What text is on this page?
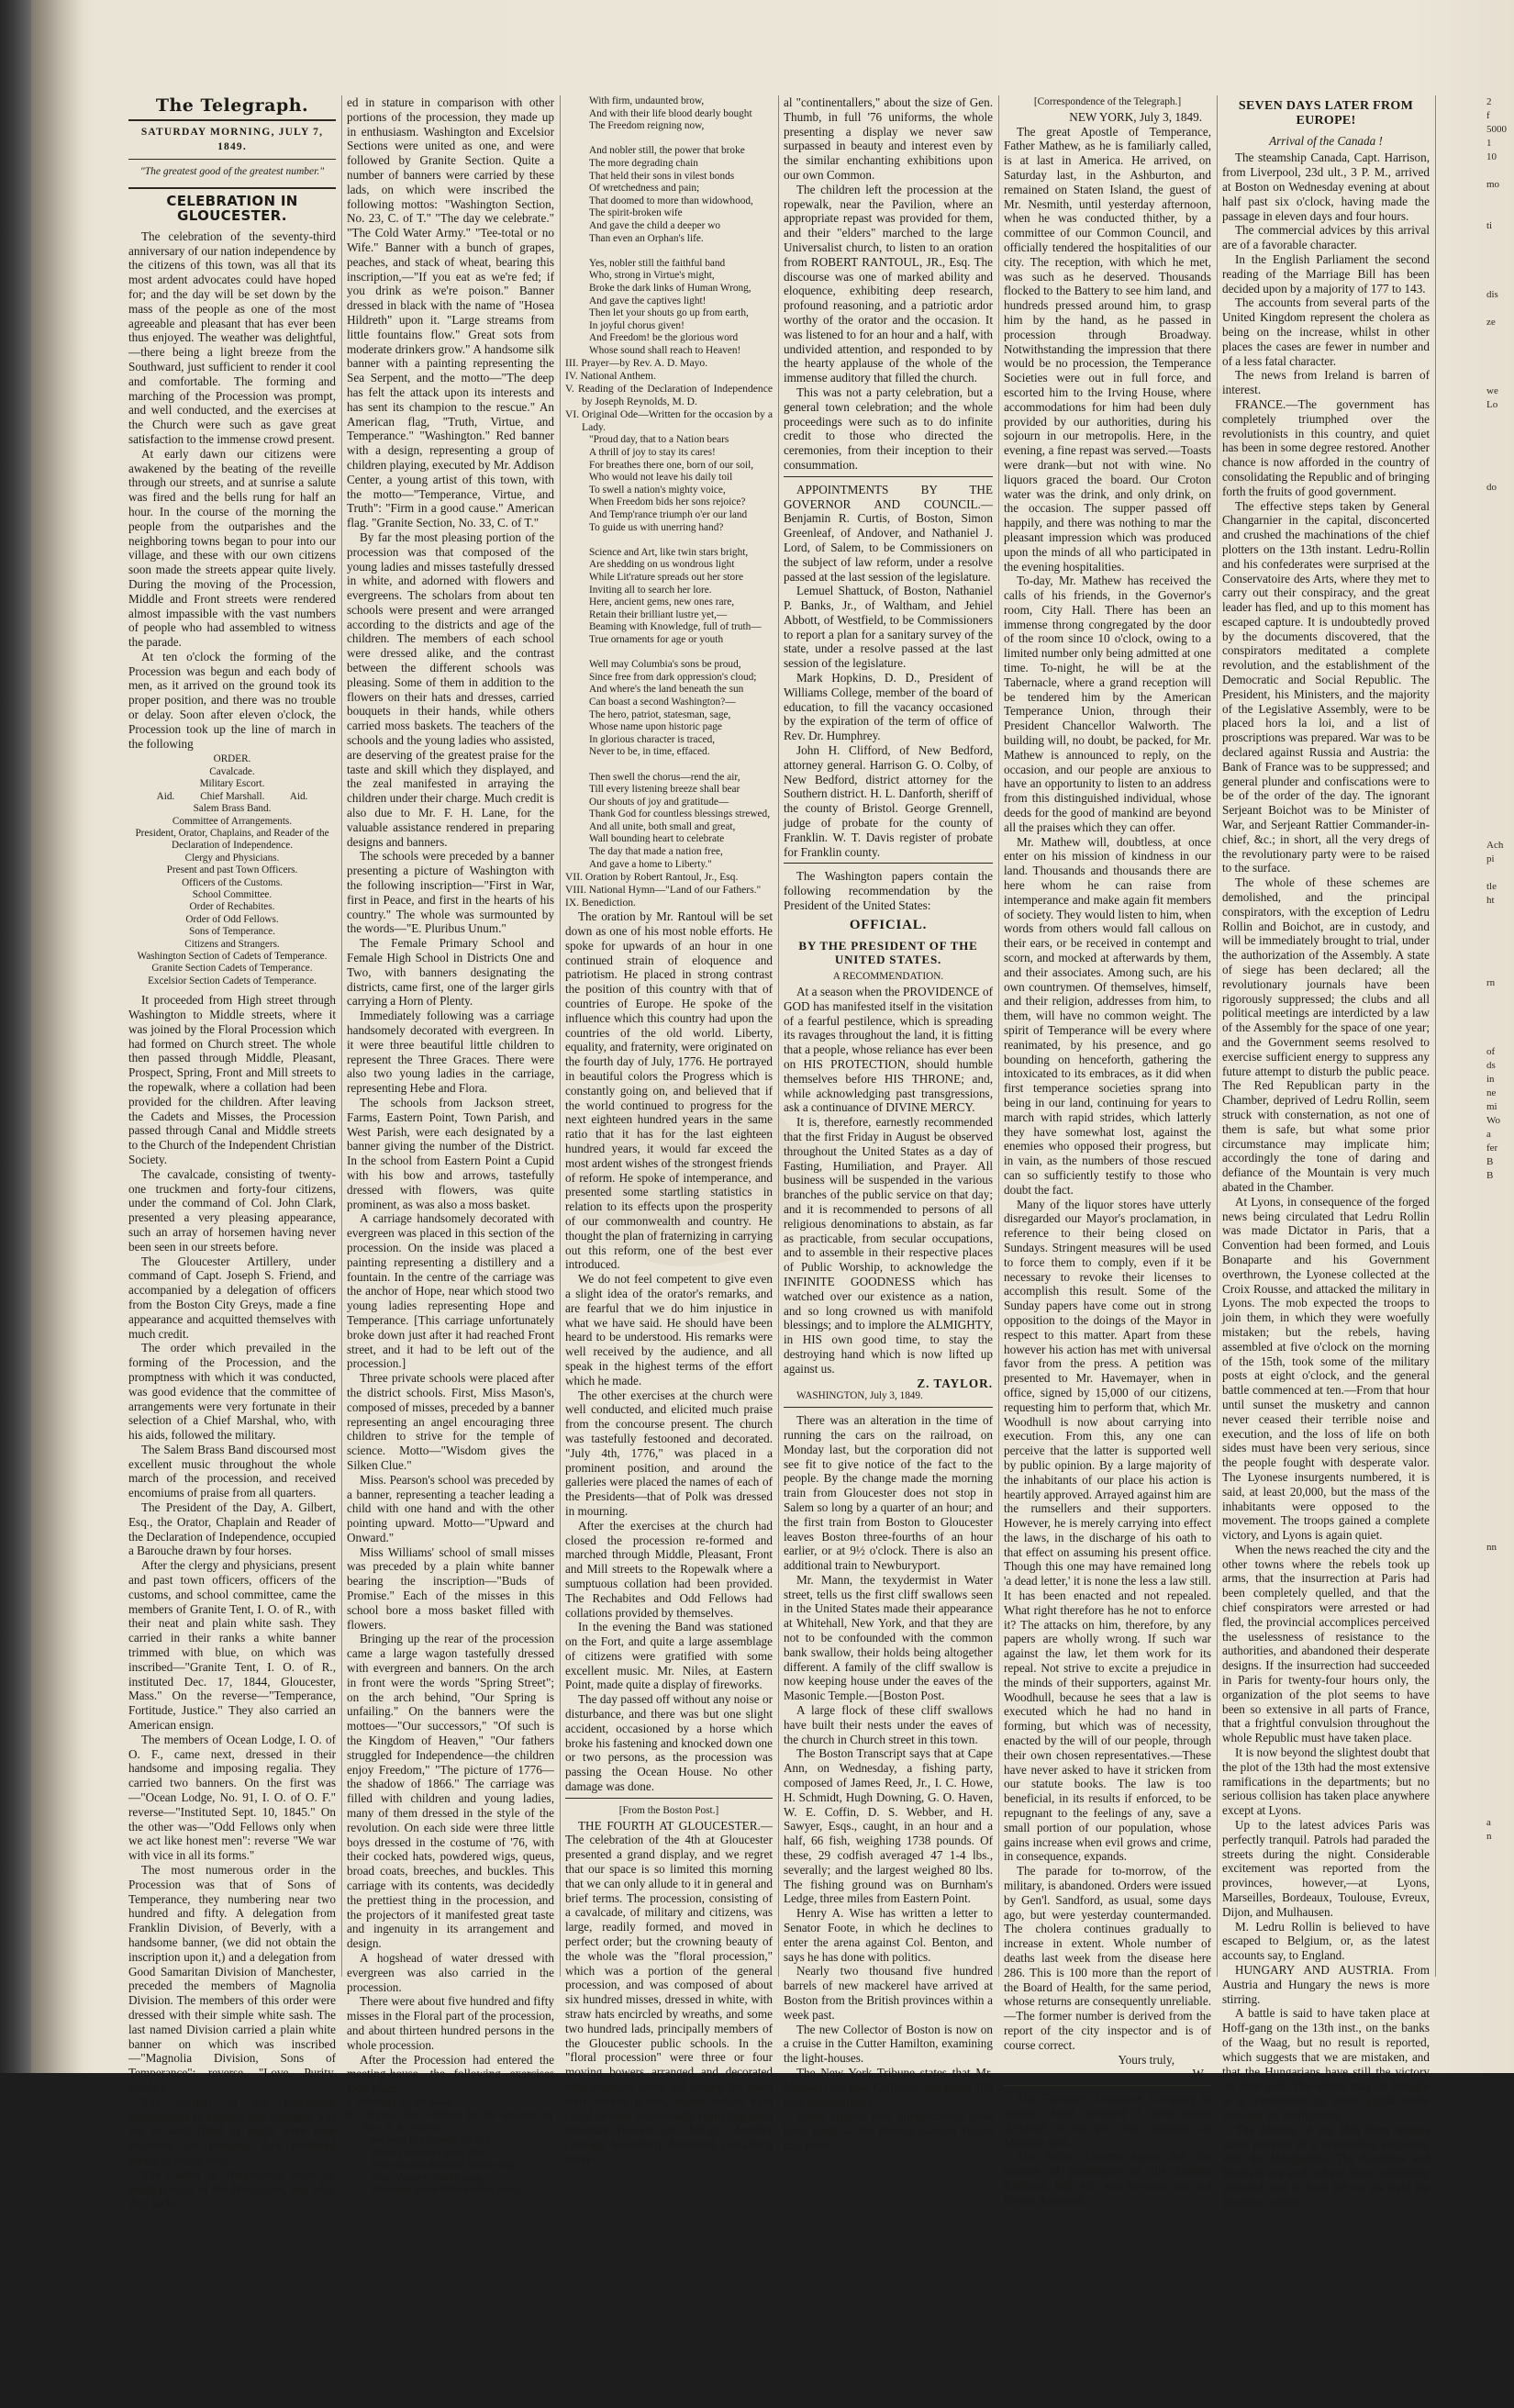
The Telegraph.
SATURDAY MORNING, JULY 7, 1849.
"The greatest good of the greatest number."
CELEBRATION IN GLOUCESTER.

The celebration of the seventy-third anniversary of our nation independence by the citizens of this town, was all that its most ardent advocates could have hoped for; and the day will be set down by the mass of the people as one of the most agreeable and pleasant that has ever been thus enjoyed. The weather was delightful,—there being a light breeze from the Southward, just sufficient to render it cool and comfortable. The forming and marching of the Procession was prompt, and well conducted, and the exercises at the Church were such as gave great satisfaction to the immense crowd present.

At early dawn our citizens were awakened by the beating of the reveille through our streets, and at sunrise a salute was fired and the bells rung for half an hour. In the course of the morning the people from the outparishes and the neighboring towns began to pour into our village, and these with our own citizens soon made the streets appear quite lively. During the moving of the Procession, Middle and Front streets were rendered almost impassible with the vast numbers of people who had assembled to witness the parade.

At ten o'clock the forming of the Procession was begun and each body of men, as it arrived on the ground took its proper position, and there was no trouble or delay. Soon after eleven o'clock, the Procession took up the line of march in the following

ORDER.
Cavalcade.
Military Escort.
Aid.          Chief Marshall.          Aid.
Salem Brass Band.
Committee of Arrangements.
President, Orator, Chaplains, and Reader of the Declaration of Independence.
Clergy and Physicians.
Present and past Town Officers.
Officers of the Customs.
School Committee.
Order of Rechabites.
Order of Odd Fellows.
Sons of Temperance.
Citizens and Strangers.
Washington Section of Cadets of Temperance.
Granite Section Cadets of Temperance.
Excelsior Section Cadets of Temperance.

It proceeded from High street through Washington to Middle streets, where it was joined by the Floral Procession which had formed on Church street. The whole then passed through Middle, Pleasant, Prospect, Spring, Front and Mill streets to the ropewalk, where a collation had been provided for the children. After leaving the Cadets and Misses, the Procession passed through Canal and Middle streets to the Church of the Independent Christian Society.

The cavalcade, consisting of twenty-one truckmen and forty-four citizens, under the command of Col. John Clark, presented a very pleasing appearance, such an array of horsemen having never been seen in our streets before.

The Gloucester Artillery, under command of Capt. Joseph S. Friend, and accompanied by a delegation of officers from the Boston City Greys, made a fine appearance and acquitted themselves with much credit.

The order which prevailed in the forming of the Procession, and the promptness with which it was conducted, was good evidence that the committee of arrangements were very fortunate in their selection of a Chief Marshal, who, with his aids, followed the military.

The Salem Brass Band discoursed most excellent music throughout the whole march of the procession, and received encomiums of praise from all quarters.

The President of the Day, A. Gilbert, Esq., the Orator, Chaplain and Reader of the Declaration of Independence, occupied a Barouche drawn by four horses.

After the clergy and physicians, present and past town officers, officers of the customs, and school committee, came the members of Granite Tent, I. O. of R., with their neat and plain white sash. They carried in their ranks a white banner trimmed with blue, on which was inscribed—"Granite Tent, I. O. of R., instituted Dec. 17, 1844, Gloucester, Mass." On the reverse—"Temperance, Fortitude, Justice." They also carried an American ensign.

The members of Ocean Lodge, I. O. of O. F., came next, dressed in their handsome and imposing regalia. They carried two banners. On the first was—"Ocean Lodge, No. 91, I. O. of O. F." reverse—"Instituted Sept. 10, 1845." On the other was—"Odd Fellows only when we act like honest men": reverse "We war with vice in all its forms."

The most numerous order in the Procession was that of Sons of Temperance, they numbering near two hundred and fifty. A delegation from Franklin Division, of Beverly, with a handsome banner, (we did not obtain the inscription upon it,) and a delegation from Good Samaritan Division of Manchester, preceded the members of Magnolia Division. The members of this order were dressed with their simple white sash. The last named Division carried a plain white banner on which was inscribed—"Magnolia Division, Sons of Temperance": reverse, "Love, Purity, Fidelity."

The portion of the procession appropriated to citizens and strangers was not so well filled as might have been expected; but probably they preferred seeing to being seen.

The Cadets of Temperance made no small portion of the Procession, and what they lack-

ed in stature in comparison with other portions of the procession, they made up in enthusiasm. Washington and Excelsior Sections were united as one, and were followed by Granite Section. Quite a number of banners were carried by these lads, on which were inscribed the following mottos: "Washington Section, No. 23, C. of T." "The day we celebrate." "The Cold Water Army." "Tee-total or no Wife." Banner with a bunch of grapes, peaches, and stack of wheat, bearing this inscription,—"If you eat as we're fed; if you drink as we're poison." Banner dressed in black with the name of "Hosea Hildreth" upon it. "Large streams from little fountains flow." Great sots from moderate drinkers grow." A handsome silk banner with a painting representing the Sea Serpent, and the motto—"The deep has felt the attack upon its interests and has sent its champion to the rescue." An American flag, "Truth, Virtue, and Temperance." "Washington." Red banner with a design, representing a group of children playing, executed by Mr. Addison Center, a young artist of this town, with the motto—"Temperance, Virtue, and Truth": "Firm in a good cause." American flag. "Granite Section, No. 33, C. of T."

By far the most pleasing portion of the procession was that composed of the young ladies and misses tastefully dressed in white, and adorned with flowers and evergreens. The scholars from about ten schools were present and were arranged according to the districts and age of the children. The members of each school were dressed alike, and the contrast between the different schools was pleasing. Some of them in addition to the flowers on their hats and dresses, carried bouquets in their hands, while others carried moss baskets. The teachers of the schools and the young ladies who assisted, are deserving of the greatest praise for the taste and skill which they displayed, and the zeal manifested in arraying the children under their charge. Much credit is also due to Mr. F. H. Lane, for the valuable assistance rendered in preparing designs and banners.

The schools were preceded by a banner presenting a picture of Washington with the following inscription—"First in War, first in Peace, and first in the hearts of his country." The whole was surmounted by the words—"E. Pluribus Unum."

The Female Primary School and Female High School in Districts One and Two, with banners designating the districts, came first, one of the larger girls carrying a Horn of Plenty.

Immediately following was a carriage handsomely decorated with evergreen. In it were three beautiful little children to represent the Three Graces. There were also two young ladies in the carriage, representing Hebe and Flora.

The schools from Jackson street, Farms, Eastern Point, Town Parish, and West Parish, were each designated by a banner giving the number of the District. In the school from Eastern Point a Cupid with his bow and arrows, tastefully dressed with flowers, was quite prominent, as was also a moss basket.

A carriage handsomely decorated with evergreen was placed in this section of the procession. On the inside was placed a painting representing a distillery and a fountain. In the centre of the carriage was the anchor of Hope, near which stood two young ladies representing Hope and Temperance. [This carriage unfortunately broke down just after it had reached Front street, and it had to be left out of the procession.]

Three private schools were placed after the district schools. First, Miss Mason's, composed of misses, preceded by a banner representing an angel encouraging three children to strive for the temple of science. Motto—"Wisdom gives the Silken Clue."

Miss. Pearson's school was preceded by a banner, representing a teacher leading a child with one hand and with the other pointing upward. Motto—"Upward and Onward."

Miss Williams' school of small misses was preceded by a plain white banner bearing the inscription—"Buds of Promise." Each of the misses in this school bore a moss basket filled with flowers.

Bringing up the rear of the procession came a large wagon tastefully dressed with evergreen and banners. On the arch in front were the words "Spring Street"; on the arch behind, "Our Spring is unfailing." On the banners were the mottoes—"Our successors," "Of such is the Kingdom of Heaven," "Our fathers struggled for Independence—the children enjoy Freedom," "The picture of 1776—the shadow of 1866." The carriage was filled with children and young ladies, many of them dressed in the style of the revolution. On each side were three little boys dressed in the costume of '76, with their cocked hats, powdered wigs, queus, broad coats, breeches, and buckles. This carriage with its contents, was decidedly the prettiest thing in the procession, and the projectors of it manifested great taste and ingenuity in its arrangement and design.

A hogshead of water dressed with evergreen was also carried in the procession.

There were about five hundred and fifty misses in the Floral part of the procession, and about thirteen hundred persons in the whole procession.

After the Procession had entered the meeting-house, the following exercises took place:

I. Voluntary by the Band.
II. Original Ode—Written for the occasion by Mrs. S. A. Nowell.
We meet to celebrate the day
When Freedom's glory first
From out the chains of tyrant sway,
And "Victory" loudly sang;
When our brave fathers nobly stood
With firm, undaunted brow,
And with their life blood dearly bought
The Freedom reigning now,

And nobler still, the power that broke
The more degrading chain
That held their sons in vilest bonds
Of wretchedness and pain;
That doomed to more than widowhood,
The spirit-broken wife
And gave the child a deeper wo
Than even an Orphan's life.

Yes, nobler still the faithful band
Who, strong in Virtue's might,
Broke the dark links of Human Wrong,
And gave the captives light!
Then let your shouts go up from earth,
In joyful chorus given!
And Freedom! be the glorious word
Whose sound shall reach to Heaven!
III. Prayer—by Rev. A. D. Mayo.
IV. National Anthem.
V. Reading of the Declaration of Independence by Joseph Reynolds, M. D.
VI. Original Ode—Written for the occasion by a Lady.
"Proud day, that to a Nation bears
A thrill of joy to stay its cares!
For breathes there one, born of our soil,
Who would not leave his daily toil
To swell a nation's mighty voice,
When Freedom bids her sons rejoice?
And Temp'rance triumph o'er our land
To guide us with unerring hand?

Science and Art, like twin stars bright,
Are shedding on us wondrous light
While Lit'rature spreads out her store
Inviting all to search her lore.
Here, ancient gems, new ones rare,
Retain their brilliant lustre yet,—
Beaming with Knowledge, full of truth—
True ornaments for age or youth

Well may Columbia's sons be proud,
Since free from dark oppression's cloud;
And where's the land beneath the sun
Can boast a second Washington?—
The hero, patriot, statesman, sage,
Whose name upon historic page
In glorious character is traced,
Never to be, in time, effaced.

Then swell the chorus—rend the air,
Till every listening breeze shall bear
Our shouts of joy and gratitude—
Thank God for countless blessings strewed,
And all unite, both small and great,
Wall bounding heart to celebrate
The day that made a nation free,
And gave a home to Liberty."
VII. Oration by Robert Rantoul, Jr., Esq.
VIII. National Hymn—"Land of our Fathers."
IX. Benediction.

The oration by Mr. Rantoul will be set down as one of his most noble efforts. He spoke for upwards of an hour in one continued strain of eloquence and patriotism. He placed in strong contrast the position of this country with that of countries of Europe. He spoke of the influence which this country had upon the countries of the old world. Liberty, equality, and fraternity, were originated on the fourth day of July, 1776. He portrayed in beautiful colors the Progress which is constantly going on, and believed that if the world continued to progress for the next eighteen hundred years in the same ratio that it has for the last eighteen hundred years, it would far exceed the most ardent wishes of the strongest friends of reform. He spoke of intemperance, and presented some startling statistics in relation to its effects upon the prosperity of our commonwealth and country. He thought the plan of fraternizing in carrying out this reform, one of the best ever introduced.

We do not feel competent to give even a slight idea of the orator's remarks, and are fearful that we do him injustice in what we have said. He should have been heard to be understood. His remarks were well received by the audience, and all speak in the highest terms of the effort which he made.

The other exercises at the church were well conducted, and elicited much praise from the concourse present. The church was tastefully festooned and decorated. "July 4th, 1776," was placed in a prominent position, and around the galleries were placed the names of each of the Presidents—that of Polk was dressed in mourning.

After the exercises at the church had closed the procession re-formed and marched through Middle, Pleasant, Front and Mill streets to the Ropewalk where a sumptuous collation had been provided. The Rechabites and Odd Fellows had collations provided by themselves.

In the evening the Band was stationed on the Fort, and quite a large assemblage of citizens were gratified with some excellent music. Mr. Niles, at Eastern Point, made quite a display of fireworks.

The day passed off without any noise or disturbance, and there was but one slight accident, occasioned by a horse which broke his fastening and knocked down one or two persons, as the procession was passing the Ocean House. No other damage was done.

[From the Boston Post.]

THE FOURTH AT GLOUCESTER.—The celebration of the 4th at Gloucester presented a grand display, and we regret that our space is so limited this morning that we can only allude to it in general and brief terms. The procession, consisting of a cavalcade, of military and citizens, was large, readily formed, and moved in perfect order; but the crowning beauty of the whole was the "floral procession," which was a portion of the general procession, and was composed of about six hundred misses, dressed in white, with straw hats encircled by wreaths, and some two hundred lads, principally members of the Gloucester public schools. In the "floral procession" were three or four moving bowers arranged and decorated with excellent taste; hid among the roses were several graces, whose radiant eyes could be seen occasionally twinkling amid luxuriant flowers and foliage. Another carriage, beautifully decorated, containing sever-

al "continentallers," about the size of Gen. Thumb, in full '76 uniforms, the whole presenting a display we never saw surpassed in beauty and interest even by the similar enchanting exhibitions upon our own Common.

The children left the procession at the ropewalk, near the Pavilion, where an appropriate repast was provided for them, and their "elders" marched to the large Universalist church, to listen to an oration from ROBERT RANTOUL, JR., Esq. The discourse was one of marked ability and eloquence, exhibiting deep research, profound reasoning, and a patriotic ardor worthy of the orator and the occasion. It was listened to for an hour and a half, with undivided attention, and responded to by the hearty applause of the whole of the immense auditory that filled the church.

This was not a party celebration, but a general town celebration; and the whole proceedings were such as to do infinite credit to those who directed the ceremonies, from their inception to their consummation.

APPOINTMENTS BY THE GOVERNOR AND COUNCIL.—Benjamin R. Curtis, of Boston, Simon Greenleaf, of Andover, and Nathaniel J. Lord, of Salem, to be Commissioners on the subject of law reform, under a resolve passed at the last session of the legislature.

Lemuel Shattuck, of Boston, Nathaniel P. Banks, Jr., of Waltham, and Jehiel Abbott, of Westfield, to be Commissioners to report a plan for a sanitary survey of the state, under a resolve passed at the last session of the legislature.

Mark Hopkins, D. D., President of Williams College, member of the board of education, to fill the vacancy occasioned by the expiration of the term of office of Rev. Dr. Humphrey.

John H. Clifford, of New Bedford, attorney general. Harrison G. O. Colby, of New Bedford, district attorney for the Southern district. H. L. Danforth, sheriff of the county of Bristol. George Grennell, judge of probate for the county of Franklin. W. T. Davis register of probate for Franklin county.

The Washington papers contain the following recommendation by the President of the United States:

OFFICIAL.
BY THE PRESIDENT OF THE UNITED STATES.
A RECOMMENDATION.

At a season when the PROVIDENCE of GOD has manifested itself in the visitation of a fearful pestilence, which is spreading its ravages throughout the land, it is fitting that a people, whose reliance has ever been on HIS PROTECTION, should humble themselves before HIS THRONE; and, while acknowledging past transgressions, ask a continuance of DIVINE MERCY.

It is, therefore, earnestly recommended that the first Friday in August be observed throughout the United States as a day of Fasting, Humiliation, and Prayer. All business will be suspended in the various branches of the public service on that day; and it is recommended to persons of all religious denominations to abstain, as far as practicable, from secular occupations, and to assemble in their respective places of Public Worship, to acknowledge the INFINITE GOODNESS which has watched over our existence as a nation, and so long crowned us with manifold blessings; and to implore the ALMIGHTY, in HIS own good time, to stay the destroying hand which is now lifted up against us.

Z. TAYLOR.
WASHINGTON, July 3, 1849.

There was an alteration in the time of running the cars on the railroad, on Monday last, but the corporation did not see fit to give notice of the fact to the people. By the change made the morning train from Gloucester does not stop in Salem so long by a quarter of an hour; and the first train from Boston to Gloucester leaves Boston three-fourths of an hour earlier, or at 9½ o'clock. There is also an additional train to Newburyport.

Mr. Mann, the texydermist in Water street, tells us the first cliff swallows seen in the United States made their appearance at Whitehall, New York, and that they are not to be confounded with the common bank swallow, their holds being altogether different. A family of the cliff swallow is now keeping house under the eaves of the Masonic Temple.—[Boston Post.

A large flock of these cliff swallows have built their nests under the eaves of the church in Church street in this town.

The Boston Transcript says that at Cape Ann, on Wednesday, a fishing party, composed of James Reed, Jr., I. C. Howe, H. Schmidt, Hugh Downing, G. O. Haven, W. E. Coffin, D. S. Webber, and H. Sawyer, Esqs., caught, in an hour and a half, 66 fish, weighing 1738 pounds. Of these, 29 codfish averaged 47 1-4 lbs., severally; and the largest weighed 80 lbs. The fishing ground was on Burnham's Ledge, three miles from Eastern Point.

Henry A. Wise has written a letter to Senator Foote, in which he declines to enter the arena against Col. Benton, and says he has done with politics.

Nearly two thousand five hundred barrels of new mackerel have arrived at Boston from the British provinces within a week past.

The new Collector of Boston is now on a cruise in the Cutter Hamilton, examining the light-houses.

The New York Tribune states that Mr. Maxwell the new Collector, has made 168 new appointments.

Some sixteen new appointments have been made at the Boston Custom House this week.

[Correspondence of the Telegraph.]
NEW YORK, July 3, 1849.

The great Apostle of Temperance, Father Mathew, as he is familiarly called, is at last in America. He arrived, on Saturday last, in the Ashburton, and remained on Staten Island, the guest of Mr. Nesmith, until yesterday afternoon, when he was conducted thither, by a committee of our Common Council, and officially tendered the hospitalities of our city. The reception, with which he met, was such as he deserved. Thousands flocked to the Battery to see him land, and hundreds pressed around him, to grasp him by the hand, as he passed in procession through Broadway. Notwithstanding the impression that there would be no procession, the Temperance Societies were out in full force, and escorted him to the Irving House, where accommodations for him had been duly provided by our authorities, during his sojourn in our metropolis. Here, in the evening, a fine repast was served.—Toasts were drank—but not with wine. No liquors graced the board. Our Croton water was the drink, and only drink, on the occasion. The supper passed off happily, and there was nothing to mar the pleasant impression which was produced upon the minds of all who participated in the evening hospitalities.

To-day, Mr. Mathew has received the calls of his friends, in the Governor's room, City Hall. There has been an immense throng congregated by the door of the room since 10 o'clock, owing to a limited number only being admitted at one time. To-night, he will be at the Tabernacle, where a grand reception will be tendered him by the American Temperance Union, through their President Chancellor Walworth. The building will, no doubt, be packed, for Mr. Mathew is announced to reply, on the occasion, and our people are anxious to have an opportunity to listen to an address from this distinguished individual, whose deeds for the good of mankind are beyond all the praises which they can offer.

Mr. Mathew will, doubtless, at once enter on his mission of kindness in our land. Thousands and thousands there are here whom he can raise from intemperance and make again fit members of society. They would listen to him, when words from others would fall callous on their ears, or be received in contempt and scorn, and mocked at afterwards by them, and their associates. Among such, are his own countrymen. Of themselves, himself, and their religion, addresses from him, to them, will have no common weight. The spirit of Temperance will be every where reanimated, by his presence, and go bounding on henceforth, gathering the intoxicated to its embraces, as it did when first temperance societies sprang into being in our land, continuing for years to march with rapid strides, which latterly they have somewhat lost, against the enemies who opposed their progress, but in vain, as the numbers of those rescued can so sufficiently testify to those who doubt the fact.

Many of the liquor stores have utterly disregarded our Mayor's proclamation, in reference to their being closed on Sundays. Stringent measures will be used to force them to comply, even if it be necessary to revoke their licenses to accomplish this result. Some of the Sunday papers have come out in strong opposition to the doings of the Mayor in respect to this matter. Apart from these however his action has met with universal favor from the press. A petition was presented to Mr. Havemayer, when in office, signed by 15,000 of our citizens, requesting him to perform that, which Mr. Woodhull is now about carrying into execution. From this, any one can perceive that the latter is supported well by public opinion. By a large majority of the inhabitants of our place his action is heartily approved. Arrayed against him are the rumsellers and their supporters. However, he is merely carrying into effect the laws, in the discharge of his oath to that effect on assuming his present office. Though this one may have remained long 'a dead letter,' it is none the less a law still. It has been enacted and not repealed. What right therefore has he not to enforce it? The attacks on him, therefore, by any papers are wholly wrong. If such war against the law, let them work for its repeal. Not strive to excite a prejudice in the minds of their supporters, against Mr. Woodhull, because he sees that a law is executed which he had no hand in forming, but which was of necessity, enacted by the will of our people, through their own chosen representatives.—These have never asked to have it stricken from our statute books. The law is too beneficial, in its results if enforced, to be repugnant to the feelings of any, save a small portion of our population, whose gains increase when evil grows and crime, in consequence, expands.

The parade for to-morrow, of the military, is abandoned. Orders were issued by Gen'l. Sandford, as usual, some days ago, but were yesterday countermanded. The cholera continues gradually to increase in extent. Whole number of deaths last week from the disease here 286. This is 100 more than the report of the Board of Health, for the same period, whose returns are consequently unreliable.—The former number is derived from the report of the city inspector and is of course correct.

Yours truly,
W.

The Firemen's Insurance Company in Boston, have declared a semi-annual dividend of ten per cent., payable on Monday next.

The Salem Gazette states that the number of passengers on the Eastern Railroad, July 4th, was between ten and eleven thousand.

SEVEN DAYS LATER FROM EUROPE!
Arrival of the Canada !

The steamship Canada, Capt. Harrison, from Liverpool, 23d ult., 3 P. M., arrived at Boston on Wednesday evening at about half past six o'clock, having made the passage in eleven days and four hours.

The commercial advices by this arrival are of a favorable character.

In the English Parliament the second reading of the Marriage Bill has been decided upon by a majority of 177 to 143.

The accounts from several parts of the United Kingdom represent the cholera as being on the increase, whilst in other places the cases are fewer in number and of a less fatal character.

The news from Ireland is barren of interest.

FRANCE.—The government has completely triumphed over the revolutionists in this country, and quiet has been in some degree restored. Another chance is now afforded in the country of consolidating the Republic and of bringing forth the fruits of good government.

The effective steps taken by General Changarnier in the capital, disconcerted and crushed the machinations of the chief plotters on the 13th instant. Ledru-Rollin and his confederates were surprised at the Conservatoire des Arts, where they met to carry out their conspiracy, and the great leader has fled, and up to this moment has escaped capture. It is undoubtedly proved by the documents discovered, that the conspirators meditated a complete revolution, and the establishment of the Democratic and Social Republic. The President, his Ministers, and the majority of the Legislative Assembly, were to be placed hors la loi, and a list of proscriptions was prepared. War was to be declared against Russia and Austria: the Bank of France was to be suppressed; and general plunder and confiscations were to be of the order of the day. The ignorant Serjeant Boichot was to be Minister of War, and Serjeant Rattier Commander-in-chief, &c.; in short, all the very dregs of the revolutionary party were to be raised to the surface.

The whole of these schemes are demolished, and the principal conspirators, with the exception of Ledru Rollin and Boichot, are in custody, and will be immediately brought to trial, under the authorization of the Assembly. A state of siege has been declared; all the revolutionary journals have been rigorously suppressed; the clubs and all political meetings are interdicted by a law of the Assembly for the space of one year; and the Government seems resolved to exercise sufficient energy to suppress any future attempt to disturb the public peace. The Red Republican party in the Chamber, deprived of Ledru Rollin, seem struck with consternation, as not one of them is safe, but what some prior circumstance may implicate him; accordingly the tone of daring and defiance of the Mountain is very much abated in the Chamber.

At Lyons, in consequence of the forged news being circulated that Ledru Rollin was made Dictator in Paris, that a Convention had been formed, and Louis Bonaparte and his Government overthrown, the Lyonese collected at the Croix Rousse, and attacked the military in Lyons. The mob expected the troops to join them, in which they were woefully mistaken; but the rebels, having assembled at five o'clock on the morning of the 15th, took some of the military posts at eight o'clock, and the general battle commenced at ten.—From that hour until sunset the musketry and cannon never ceased their terrible noise and execution, and the loss of life on both sides must have been very serious, since the people fought with desperate valor. The Lyonese insurgents numbered, it is said, at least 20,000, but the mass of the inhabitants were opposed to the movement. The troops gained a complete victory, and Lyons is again quiet.

When the news reached the city and the other towns where the rebels took up arms, that the insurrection at Paris had been completely quelled, and that the chief conspirators were arrested or had fled, the provincial accomplices perceived the uselessness of resistance to the authorities, and abandoned their desperate designs. If the insurrection had succeeded in Paris for twenty-four hours only, the organization of the plot seems to have been so extensive in all parts of France, that a frightful convulsion throughout the whole Republic must have taken place.

It is now beyond the slightest doubt that the plot of the 13th had the most extensive ramifications in the departments; but no serious collision has taken place anywhere except at Lyons.

Up to the latest advices Paris was perfectly tranquil. Patrols had paraded the streets during the night. Considerable excitement was reported from the provinces, however,—at Lyons, Marseilles, Bordeaux, Toulouse, Evreux, Dijon, and Mulhausen.

M. Ledru Rollin is believed to have escaped to Belgium, or, as the latest accounts say, to England.

HUNGARY AND AUSTRIA. From Austria and Hungary the news is more stirring.

A battle is said to have taken place at Hoff-gang on the 13th inst., on the banks of the Waag, but no result is reported, which suggests that we are mistaken, and that the Hungarians have still the victory on their side. The whole may be brought to a termination by some signal battle between the belligerents.

The advices of the 16th from Vienna make mention of a tremendous encounter with the Hungarians. The Austrians and Russians are said to have been completely defeated, and to have left on the field the fabulous number

2
f
5000
1
10

mo

ti

dis

ze

we
Lo

do

Ach
pi

tle
ht

rn

of
ds
in
ne
mi
Wo
a
fer
B
B

nn

a
n
